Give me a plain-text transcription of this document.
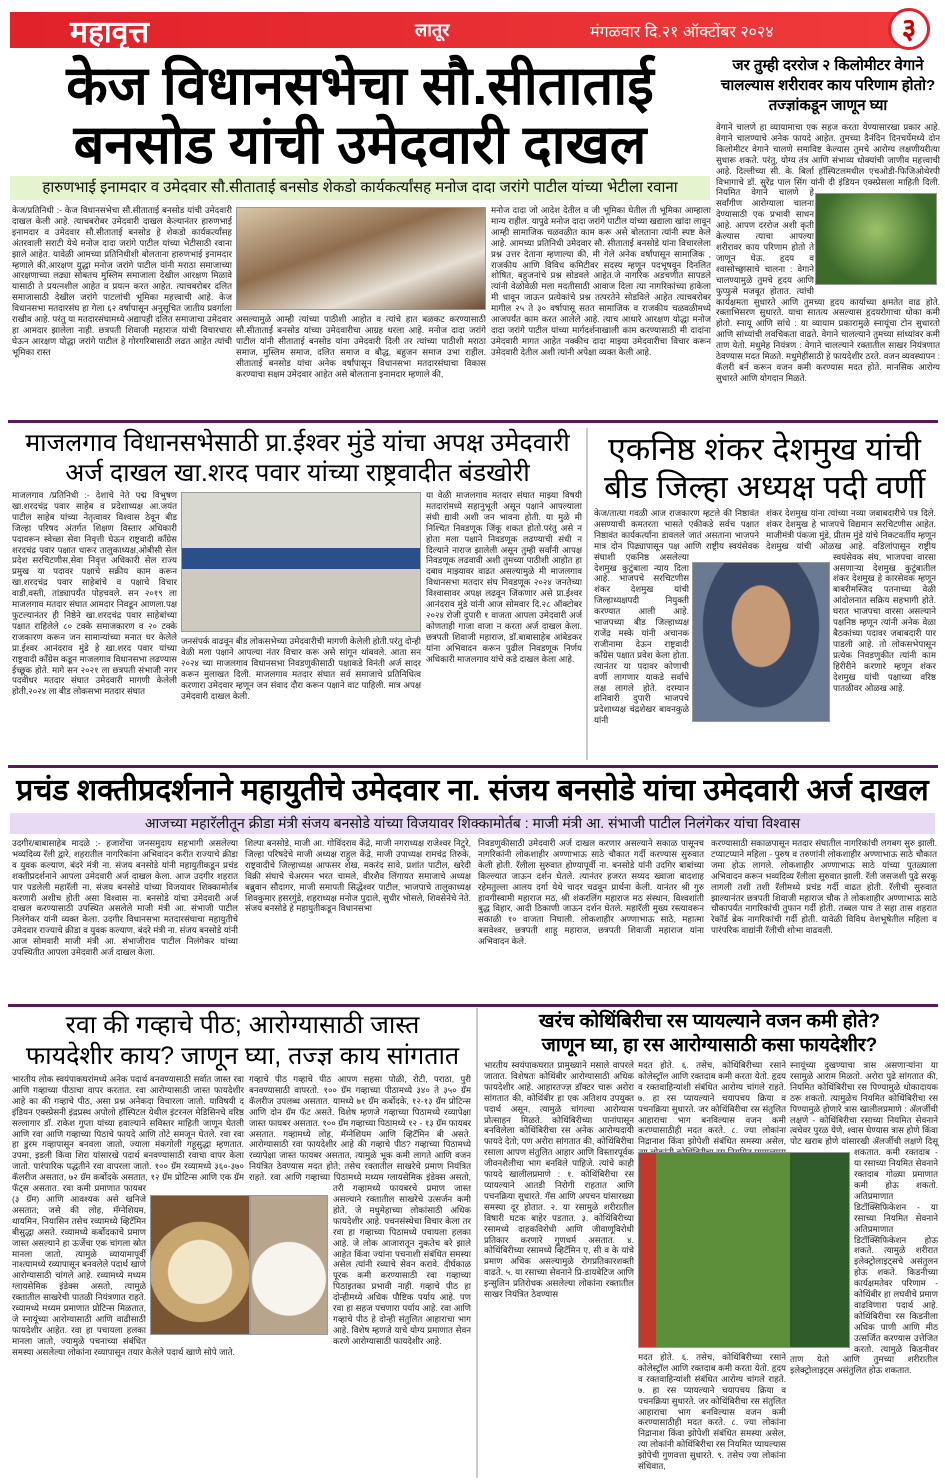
महावृत्त	लातूर	मंगळवार दि.२१ ऑक्टोंबर २०२४	३
केज विधानसभेचा सौ.सीताताई
बनसोड यांची उमेदवारी दाखल
हारुणभाई इनामदार व उमेदवार सौ.सीताताई बनसोड शेकडो कार्यकर्त्यांसह मनोज दादा जरांगे पाटील यांच्या भेटीला रवाना
केज/प्रतिनिधी :- केज विधानसभेचा सौ.सीताताई बनसोड यांची उमेदवारी दाखल केली आहे. त्याचबरोबर उमेदवारी दाखल केल्यानंतर हारुणभाई इनामदार व उमेदवार सौ.सीताताई बनसोड हे शेकडो कार्यकर्त्यांसह अंतरवाली सराटी येथे मनोज दादा जरांगे पाटील यांच्या भेटीसाठी रवाना झाले आहेत. यावेळी आमच्या प्रतिनिधीशी बोलताना हारुणभाई इनामदार म्हणाले की,आरक्षण युद्धा मनोज जरांगे पाटील यांनी मराठा समाजाच्या आरक्षणाच्या लढ्या सोबतच मुस्लिम समाजाला देखील आरक्षण मिळावे यासाठी ते प्रयत्नशील आहेत व प्रयत्न करत आहेत. त्याचबरोबर दलित समाजासाठी देखील जरांगे पाटलांची भूमिका महत्त्वाची आहे. केज विधानसभा मतदारसंघ हा गेला ६२ वर्षापासून अनुसूचित जातीय प्रवर्गाला राखीव आहे. परंतु या मतदारसंघामध्ये अद्यापही दलित समाजाचा उमेदवार हा आमदार झालेला नाही. छत्रपती शिवाजी महाराज यांची विचारधारा घेऊन आरक्षण योद्धा जरांगे पाटील हे गोरगरिबासाठी लढत आहेत त्यांची भूमिका रास्त
असल्यामुळे आम्ही त्यांच्या पाठीशी आहोत व त्यांचे हात बळकट करण्यासाठी सौ.सीताताई बनसोड यांच्या उमेदवारीचा आग्रह धरला आहे. मनोज दादा जरांगे पाटील यांनी सीताताई बनसोड यांना उमेदवारी दिली तर त्यांच्या पाठीशी मराठा समाज, मुस्लिम समाज, दलित समाज व बौद्ध, बहुजन समाज उभा राहील. सीताताई बनसोड यांचा अनेक वर्षांपासून विधानसभा मतदारसंघाचा विकास करण्याचा सक्षम उमेदवार आहेत असे बोलताना इनामदार म्हणाले की,
मनोज दादा जो आदेश देतील व जी भूमिका घेतील ती भूमिका आम्हाला मान्य राहील. यापुढे मनोज दादा जरांगे पाटील यांच्या खद्याला खांदा लावून आम्ही सामाजिक चळवळीत काम करू असे बोलताना त्यांनी स्पष्ट केले आहे. आमच्या प्रतिनिधी उमेदवार सौ. सीताताई बनसोडे यांना विचारलेला प्रश्न उत्तर देताना म्हणाल्या की, मी गेले अनेक वर्षांपासून सामाजिक , राजकीय आणि विविध कमिटीवर सदस्य म्हणून पदभूषवून दिनलित शोषित, बहुजनांचे प्रश्न सोडवले आहेत.जे नागरिक अडचणीत सापडले त्यांनी वेळोवेळी मला मदतीसाठी आवाज दिला त्या नागरिकांच्या हाकेला मी धावून जाऊन प्रत्येकांचे प्रश्न तत्परतेने सोडविले आहेत त्याचबरोबर मागील २५ ते ३० वर्षापासू सतत सामाजिक व राजकीय चळवळीमध्ये आजपर्यंत काम करत आलेले आहे. त्याच आधारे आरक्षण योद्धा मनोज दादा जरांगे पाटील यांच्या मार्गदर्शनाखाली काम करण्यासाठी मी दादांना उमेदवारी मागत आहेत नक्कीच दादा माझ्या उमेदवारीचा विचार करून उमेदवारी देतील अशी त्यांनी अपेक्षा व्यक्त केली आहे.
जर तुम्ही दररोज २ किलोमीटर वेगाने चालल्यास शरीरावर काय परिणाम होतो? तज्ज्ञांकडून जाणून घ्या
वेगाने चालणे हा व्यायामाचा एक सहज करता येण्यासारखा प्रकार आहे. वेगाने चालण्याचे अनेक फायदे आहेत. तुमच्या दैनंदिन दिनचर्येमध्ये दोन किलोमीटर वेगाने चालणे समाविष्ट केल्यास तुमचे आरोग्य लक्षणीयरीत्या सुधारू शकते. परंतु, योग्य तंत्र आणि संभाव्य धोक्यांची जाणीव महत्त्वाची आहे. दिल्लीच्या सी. के. बिर्ला हॉस्पिटलमधील एचओडी-फिजिओथेरपी विभागाचे डॉ. सुरेंद्र पाल सिंग यांनी दी इंडियन एक्स्प्रेसला माहिती दिली. नियमित वेगाने चालणे हे सर्वांगीण आरोग्याला चालना देण्यासाठी एक प्रभावी साधन आहे. आपण दररोज अशी कृती केल्यास त्याचा आपल्या शरीरावर काय परिणाम होतो ते जाणून घेऊ. हृदय व श्वासोच्छ्वासाचे चालना : वेगाने चालण्यामुळे तुमचे हृदय आणि फुप्फुसे मजबूत होतात. त्यांची कार्यक्षमता सुधारते आणि तुमच्या हृदय कार्याच्या क्षमतेत वाढ होते. रक्ताभिसरण सुधारते. याचा सातत्य असल्यास हृदयरोगाचा धोका कमी होतो. स्नायू आणि सांधे : या व्यायाम प्रकारामुळे स्नायूंचा टोन सुधारतो आणि सांध्यांची लवचिकता वाढते. वेगाने चालल्याने तुमच्या सांध्यांवर कमी ताण येतो. मधुमेह नियंत्रण : वेगाने चालल्याने रक्तातील साखर नियंत्रणात ठेवण्यास मदत मिळते. मधुमेहींसाठी हे फायदेशीर ठरते. वजन व्यवस्थापन : कॅलरी बर्न करून वजन कमी करण्यास मदत होते. मानसिक आरोग्य सुधारते आणि योगदान मिळते.
माजलगाव विधानसभेसाठी प्रा.ईश्वर मुंडे यांचा अपक्ष उमेदवारी
अर्ज दाखल खा.शरद पवार यांच्या राष्ट्रवादीत बंडखोरी
माजलगाव /प्रतिनिधी :- देशाचे नेते पद्म विभुषण खा.शरदचंद्र पवार साहेब व प्रदेशाध्यक्ष आ.जयंत पाटील साहेब यांच्या नेतृत्वावर विश्वास ठेवून बीड जिल्हा परिषद अंतर्गत शिक्षण विस्तार अधिकारी पदावरून स्वेच्छा सेवा निवृत्ती घेऊन राष्ट्रवादी कॉंग्रेस शरदचंद्र पवार पक्षात धारूर तालुकाध्यक्ष,ओबीसी सेल प्रदेश सरचिटणीस,सेवा निवृत्त अधिकारी सेल राज्य प्रमुख या पदावर पक्षाचे सक्रीय काम करून खा.शरदचंद्र पवार साहेबांचे व पक्षाचे विचार वाडी,वस्ती, तांड्यापर्यंत पोहचवले. सन २०१९ ला माजलगाव मतदार संघात आमदार निवडून आणला.पक्ष फुटल्यानंतर ही निष्ठेने खा.शरदचंद्र पवार साहेबांच्या पक्षात राहिलेले ८० टक्के समाजकारण व २० टक्के राजकारण करून जन सामान्यांच्या मनात घर केलेले प्रा.ईश्वर आनंदराव मुंडे हे खा.शरद पवार यांच्या राष्ट्रवादी कॉंग्रेस कडून माजलगाव विधानसभा लढण्यास ईच्छूक होते. मागे सन २०२१ ला छत्रपती संभाजी नगर पदवीधर मतदार संघात उमेदवारी मागणी केलेली होती,२०२४ ला बीड लोकसभा मतदार संघात
जनसंपर्क वाढवून बीड लोकसभेच्या उमेदवारीची मागणी केलेली होती.परंतु दोन्ही वेळी मला पक्षाने आपल्या नंतर विचार करू असे सांगून थांबवले. आता सन २०२४ च्या माजलगाव विधानसभा निवडणुकीसाठी पक्षाकडे विनंती अर्ज सादर करून मुलाखत दिली. माजलगाव मतदार संघात सर्व समाजाचे प्रतिनिधित्व करणारा उमेदवार म्हणून जन संवाद दौरा करून पक्षाने वाट पाहिली. मात्र अपक्ष उमेदवारी दाखल केली.
या वेळी माजलगाव मतदार संघात माझ्या विषयी मतदारांमध्ये सहानुभूती असून पक्षाने आपल्याला संधी द्यावी अशी जन भावना होती. या मुळे मी निश्चित निवडणूक जिंकू शकत होतो.परंतु असे न होता मला पक्षाने निवडणूक लढण्याची संधी न दिल्याने नाराज झालेली असून तुम्ही सर्वांनी आपक्ष निवडणूक लढवावी अशी तुमच्या पाठीशी आहोत हा दबाव माझ्यावर वाढत असल्यामुळे मी माजलगाव विधानसभा मतदार संघ निवडणूक २०२४ जनतेच्या विश्वासावर अपक्ष लढवून जिंकणार असे प्रा.ईश्वर आनंदराव मुंडे यांनी आज सोमवार दि.२८ ऑक्टोबर २०२४ रोजी दुपारी १ वाजता आपला उमेदवारी अर्ज कोणताही गाजा वाजा न करता अर्ज दाखल केला. छत्रपती शिवाजी महाराज, डॉ.बाबासाहेब आंबेडकर यांना अभिवादन करून पुढील निवडणूक निर्णय अधिकारी माजलगाव यांचे कडे दाखल केला आहे.
एकनिष्ठ शंकर देशमुख यांची
बीड जिल्हा अध्यक्ष पदी वर्णी
केज/तात्या गवळी आज राजकारण म्हटले की निष्ठावंत असण्याची कमतरता भासते एकीकडे सर्वच पक्षात निष्ठावंत कार्यकर्त्यांना डावलले जातं असताना भाजपने मात्र दोन पिढ्यापासून पक्ष आणि राष्ट्रीय स्वयंसेवक संघाशी एकनिष्ठ असलेल्या देशमुख कुटुंबाला न्याय दिला आहे. भाजपचे सरचिटणीस शंकर देशमुख यांची जिल्हाध्यक्षपदी नियुक्ती करण्यात आली आहे. भाजपच्या बीड जिल्हाध्यक्ष राजेंद्र मस्के यांनी अचानक राजीनामा देऊन राष्ट्रवादी काँग्रेस पक्षात प्रवेश केला होता. त्यानंतर या पदावर कोणाची वर्णी लागणार याकडे सर्वांचे लक्ष लागले होते. दरम्यान शनिवारी दुपारी भाजपचे प्रदेशाध्यक्ष चंद्रशेखर बावनकुळे यांनी
शंकर देशमुख यांना त्यांच्या नव्या जबाबदारीचे पत्र दिले. शंकर देशमुख हे भाजपचे विद्यमान सरचिटणीस आहेत. माजीमंत्री पंकजा मुंडे, प्रीतम मुंडे यांचे निकटवर्तीय म्हणून देशमुख यांची ओळख आहे. वडिलांपासून राष्ट्रीय स्वयंसेवक संघ, भाजपचा वारसा असणाऱ्या देशमुख कुटुंबातील शंकर देशमुख हे कारसेवक म्हणून बाबरीमस्जिद पतनाच्या वेळी आंदोलनात सक्रिय सहभागी होते. घरात भाजपचा वारसा असल्याने पक्षनिष्ठ म्हणून त्यांनी अनेक वेळा बैठकांच्या पदावर जबाबदारी पार पाडली आहे. तो लोकसभेपासून प्रत्येक निवडणुकीत त्यांनी काम हिरीरीने करणारे म्हणून शंकर देशमुख यांची पक्षाच्या वरिष्ठ पातळीवर ओळख आहे.
प्रचंड शक्तीप्रदर्शनाने महायुतीचे उमेदवार ना. संजय बनसोडे यांचा उमेदवारी अर्ज दाखल
आजच्या महारॅलीतून क्रीडा मंत्री संजय बनसोडे यांच्या विजयावर शिक्कामोर्तब : माजी मंत्री आ. संभाजी पाटील निलंगेकर यांचा विश्वास
उदगीर/बाबासाहेब मादळे :- हजारोंचा जनसमुदाय सहभागी असलेल्या भव्यदिव्य रॅली द्वारे, शहरातील नागरिकांना अभिवादन करीत राज्याचे क्रीडा व युवक कल्याण, बंदरे मंत्री ना. संजय बनसोडे यांनी महायुतीकडून प्रचंड शक्तीप्रदर्शनाने आपला उमेदवारी अर्ज दाखल केला. आज उदगीर शहरात पार पडलेली महारॅली ना. संजय बनसोडे यांच्या विजयावर शिक्कामोर्तब करणारी अशीच होती असा विश्वास ना. बनसोडे यांचा उमेदवारी अर्ज दाखल करण्यासाठी उपस्थित असलेले माजी मंत्री आ. संभाजी पाटील निलंगेकर यांनी व्यक्त केला. उदगीर विधानसभा मतदारसंघाचा महायुतीचे उमेदवार राज्याचे क्रीडा व युवक कल्याण, बंदरे मंत्री ना. संजय बनसोडे यांनी आज सोमवारी माजी मंत्री आ. संभाजीराव पाटील निलंगेकर यांच्या उपस्थितीत आपला उमेदवारी अर्ज दाखल केला.
शिल्पा बनसोडे, माजी आ. गोविंदराव केंद्रे, माजी नगराध्यक्ष राजेश्वर निटुरे, जिल्हा परिषदेचे माजी अध्यक्ष राहुल केंद्रे, माजी उपाध्यक्ष रामचंद्र तिरुके, राष्ट्रवादीचे जिल्हाध्यक्ष आफसर शेख, मकरंद सावे, प्रशांत पाटील, खरेदी विक्री संघाचे चेअरमन भरत चामले, वीरशैव लिंगायत समाजाचे अध्यक्ष बब्रुवान सौदागर, माजी समापती सिद्धेश्वर पाटील, भाजपाचे तालुकाध्यक्ष शिवकुमार हसरगुंडे, शहराध्यक्ष मनोज पुदाले, सुधीर भोसले, शिवसेनेचे नेते. संजय बनसोडे हे महायुतीकडून विधानसभा
निवडणुकीसाठी उमेदवारी अर्ज दाखल करणार असल्याने सकाळ पासूनच नागरिकांनी लोकशाहीर अण्णाभाऊ साठे चौकात गर्दी करण्यास सुरुवात केली होती. रॅलीला सुरुवात होण्यापूर्वी ना. बनसोडे यांनी उदगिर बाबांच्या किल्ल्यात जाऊन दर्शन घेतले. त्यानंतर हजरत सय्यद ख्वाजा बादशाह रहेमतुल्ला आलय दर्गा येथे चादर चढवून प्रार्थना केली. यानंतर श्री गुरु हावगीस्वामी महाराज मठ, श्री शंकरलिंग महाराज मठ संस्थान, विश्वशांती बुद्ध विहार, आदी ठिकाणी जाऊन दर्शन घेतले. महारॅली मुख्य रस्त्यावरून सकाळी १० वाजता निघाली. लोकशाहीर अण्णाभाऊ साठे, महात्मा बसवेश्वर, छत्रपती शाहू महाराज, छत्रपती शिवाजी महाराज यांना अभिवादन केले.
करण्यासाठी सकाळपासून मतदार संघातील नागरिकांची लगबग सुरु झाली. टप्याटप्याने महिला - पुरुष व तरुणांनी लोकशाहीर अण्णाभाऊ साठे चौकात जमा होऊ लागले. लोकशाहीर अण्णाभाऊ साठे यांच्या पुतळ्याला अभिवादन करून भव्यदिव्य रॅलीला सुरुवात झाली. रॅली जसजशी पुढे सरकू लागली तशी तशी रॅलीमध्ये प्रचंड गर्दी वाढत होती. रॅलीची सुरुवात झाल्यानंतर छत्रपती शिवाजी महाराज चौक ते लोकशाहीर अण्णाभाऊ साठे चौकापर्यंत नागरिकांची तुफान गर्दी होती. तब्बल पाच ते सहा तास शहरात रेकॉर्ड ब्रेक नागरिकांची गर्दी होती. यावेळी विविध वेशभूषेतील महिला व पारंपरिक वाद्यांनी रॅलीची शोभा वाढवली.
रवा की गव्हाचे पीठ; आरोग्यासाठी जास्त
फायदेशीर काय? जाणून घ्या, तज्ज्ञ काय सांगतात
भारतीय लोक स्वयंपाकघरांमध्ये अनेक पदार्थ बनवण्यासाठी सर्वात जास्त रवा आणि गव्हाच्या पीठाचा वापर करतात. रवा आरोग्यासाठी जास्त फायदेशीर आहे का की गव्हाचे पीठ, असा प्रश्न अनेकदा विचारला जातो. याविषयी द इंडियन एक्स्प्रेसनी इंद्रप्रस्थ अपोलो हॉस्पिटल येथील इंटरनल मेडिसिनचे वरिष्ठ सल्लागार डॉ. राकेश गुप्ता यांच्या हवाल्याने सविस्तर माहिती जाणून घेतली आणि रवा आणि गव्हाच्या पिठाचे फायदे आणि तोटे समजून घेतले. रवा रवा हा डुरम गव्हापासून बनवला जातो, ज्याला मंकगोली गहूसुद्धा म्हणतात. उपमा, इडली किंवा शिरा यांसारखे पदार्थ बनवण्यासाठी रवाचा वापर केला जातो. पारंपारिक पद्धतीने रवा वापरला जातो. १०० ग्रॅम रव्यामध्ये ३६०-३७० कॅलरीज असतात, ७२ ग्रॅम कर्बोदके असतात, १२ ग्रॅम प्रोटिन्स आणि एक ग्रॅम फॅट्स असतात. रवा कमी प्रमाणात फायबर (३ ग्रॅम) आणि आवश्यक असे खनिजे असतात; जसे की लोह, मॅग्नेशियम, थायमिन, नियासिन तसेच रव्यामध्ये व्हिटॅमिन बीसुद्धा असते. रव्यामध्ये कर्बोदकाचे प्रमाण जास्त असल्याने हा ऊर्जेचा एक चांगला स्रोत मानला जातो, त्यामुळे व्यायामापूर्वी नाश्त्यामध्ये रव्यापासून बनवलेले पदार्थ खाणे आरोग्यासाठी चांगले आहे. रव्यामध्ये मध्यम ग्लायसेमिक इंडेक्स असतो, त्यामुळे रक्तातील साखरेची पातळी नियंत्रणात राहते. रव्यामध्ये मध्यम प्रमाणात प्रोटिन्स मिळतात, जे स्नायूंच्या आरोग्यासाठी आणि वाढीसाठी फायदेशीर आहेत. रवा हा पचायला हलका मानला जातो, ज्यामुळे पचनाच्या संबंधित समस्या असलेल्या लोकांना रव्यापासून तयार केलेले पदार्थ खाणे सोपे जाते.
गव्हाचे पीठ गव्हाचे पीठ आपण सहसा पोळी, रोटी, पराठा, पुरी बनवण्यासाठी वापरतो. १०० ग्रॅम गव्हाच्या पीठामध्ये ३४० ते ३५० ग्रॅम कॅलरीज उपलब्ध असतात. यामध्ये ७१ ग्रॅम कर्बोदके, १२-१३ ग्रॅम प्रोटिन्स आणि दोन ग्रॅम फॅट असते. विशेष म्हणजे गव्हाच्या पिठामध्ये रव्यापेक्षा जास्त फायबर असतात. १०० ग्रॅम गव्हाच्या पिठामध्ये १२ - १३ ग्रॅम फायबर असतात. गव्हामध्ये लोह, मॅग्नेशियम आणि व्हिटॅमिन बी असते. आरोग्यासाठी रवा फायदेशीर आहे की गव्हाचे पीठ? गव्हाच्या पिठामध्ये रव्यापेक्षा जास्त फायबर असतात, त्यामुळे भूक कमी लागते आणि वजन नियंत्रित ठेवण्यास मदत होते; तसेच रक्तातील साखरेचे प्रमाण नियंत्रित राहते. रवा आणि गव्हाच्या पिठामध्ये मध्यम ग्लायसेमिक इंडेक्स असतो, तरी गव्हामध्ये फायबरचे प्रमाण जास्त असल्याने रक्तातील साखरेचे उत्सर्जन कमी होते, जे मधुमेहाच्या लोकांसाठी अधिक फायदेशीर आहे. पचनसंस्थेचा विचार केला तर रवा हा गव्हाच्या पिठामध्ये पचायला हलका आहे. जे लोक आजारातून नुकतेच बरे झाले आहेत किंवा ज्यांना पचनाशी संबंधित समस्या असेल त्यांनी रव्याचे सेवन करावे. दीर्घकाळ पूरक कमी करण्यासाठी रवा गव्हाच्या पिठाइतका प्रभावी नाही. गव्हाचे पीठ हा दोन्हीमध्ये अधिक पौष्टिक पर्याय आहे. पण रवा हा सहज पचणारा पर्याय आहे. रवा आणि गव्हाचे पीठ हे दोन्ही संतुलित आहाराचा भाग आहे. विशेष म्हणजे याचे योग्य प्रमाणात सेवन करणे आरोग्यासाठी फायदेशीर आहे.
खरंच कोथिंबिरीचा रस प्यायल्याने वजन कमी होते?
जाणून घ्या, हा रस आरोग्यासाठी कसा फायदेशीर?
भारतीय स्वयंपाकघरात प्रामुख्याने मसाले वापरले जातात. विशेषतः कोथिंबीर आरोग्यासाठी अधिक फायदेशीर आहे. आहारतज्ज्ञ डॉक्टर चारू अरोरा सांगतात की, कोथिंबीर हा एक अतिशय उपयुक्त पदार्थ असून, त्यामुळे चांगल्या आरोग्यास प्रोत्साहन मिळते. कोथिंबिरीच्या पानांपासून बनविलेला कोथिंबिरीचा रस अनेक आरोग्यदायी फायदे देतो; पण अरोरा सांगतात की, कोथिंबिरीचा रसाला आपण संतुलित आहार आणि विस्तारपूर्वक जीवनशैलीचा भाग बनविले पाहिजे. त्यांचे काही फायदे खालीलप्रमाणे : १. कोथिंबिरीचा रस प्यायल्याने आतडी निरोगी राहतात आणि पचनक्रिया सुधारते. गॅस आणि अपचन यांसारख्या समस्या दूर होतात. २. या रसामुळे शरीरातील विषारी घटक बाहेर पडतात. ३. कोथिंबिरीच्या रसामध्ये दाहकविरोधी आणि जीवाणूविरोधी प्रतिकार करणारे गुणधर्म असतात. ४. कोथिंबिरीच्या रसामध्ये व्हिटॅमिन ए, सी व के यांचे प्रमाण अधिक असल्यामुळे रोगप्रतिकारशक्ती वाढते. ५. या रसाच्या सेवनाने प्रि-डायबेटिज आणि इन्सुलिन प्रतिरोधक असलेल्या लोकांना रक्तातील साखर नियंत्रित ठेवण्यास
मदत होते. ६. तसेच, कोथिंबिरीच्या रसाने कोलेस्ट्रॉल आणि रक्तदाब कमी करता येतो. हृदय व रक्तवाहिन्यांशी संबंधित आरोग्य चांगले राहते. ७. हा रस प्यायल्याने चयापचय क्रिया व पचनक्रिया सुधारते. जर कोथिंबिरीचा रस संतुलित आहाराचा भाग बनविल्यास वजन कमी करण्यासाठीही मदत करते. ८. ज्या लोकांना निद्रानाश किंवा झोपेशी संबंधित समस्या असेल,
मदत होते. ६. तसेच, कोथिंबिरीच्या रसाने कोलेस्ट्रॉल आणि रक्तदाब कमी करता येतो. हृदय व रक्तवाहिन्यांशी संबंधित आरोग्य चांगले राहते. ७. हा रस प्यायल्याने चयापचय क्रिया व पचनक्रिया सुधारते. जर कोथिंबिरीचा रस संतुलित आहाराचा भाग बनविल्यास वजन कमी करण्यासाठीही मदत करते. ८. ज्या लोकांना निद्रानाश किंवा झोपेशी संबंधित समस्या असेल, त्या लोकांनी कोथिंबिरीचा रस नियमित प्यायल्यास झोपेची गुणवत्ता सुधारते. ९. तसेच ज्या लोकांना संधिवात,
स्नायूंच्या दुखण्याचा त्रास असणाऱ्यांना या रसामुळे आराम मिळतो. अरोरा पुढे सांगतात की, नियमित कोथिंबिरीचा रस पिण्यामुळे धोकादायक ठरू शकतो. त्यामुळेच नियमित कोथिंबिरीचा रस पिण्यामुळे होणारे त्रास खालीलप्रमाणे : ॲलर्जीची लक्षणे - कोथिंबिरीचा रसाच्या नियमित सेवनाने त्वचेवर पुरळ येणे, श्वास घेण्यास त्रास होणे किंवा पोट खराब होणे यांसारखी ॲलर्जीची लक्षणे दिसू शकतात. कमी रक्तदाब - या रसाच्या नियमित सेवनाने रक्तदाब गोळ्या प्रमाणात कमी होऊ शकतो. अतिप्रमाणात डिटॉक्सिफिकेशन - या रसाच्या नियमित सेवनाने अतिप्रमाणात डिटॉक्सिफिकेशन होऊ शकते. त्यामुळे शरीरात इलेक्ट्रोलाइट्सचे असंतुलन होऊ शकते. किडनीच्या कार्यक्षमतेवर परिणाम - कोथिंबीर हा लघवीचे प्रमाण वाढविणारा पदार्थ आहे. कोथिंबिरीचा रस किडनीला अधिक पाणी आणि मीठ उत्सर्जित करण्यास उत्तेजित करतो. त्यामुळे किडनीवर ताण येतो आणि तुमच्या शरीरातील इलेक्ट्रोलाइट्स असंतुलित होऊ शकतात.
